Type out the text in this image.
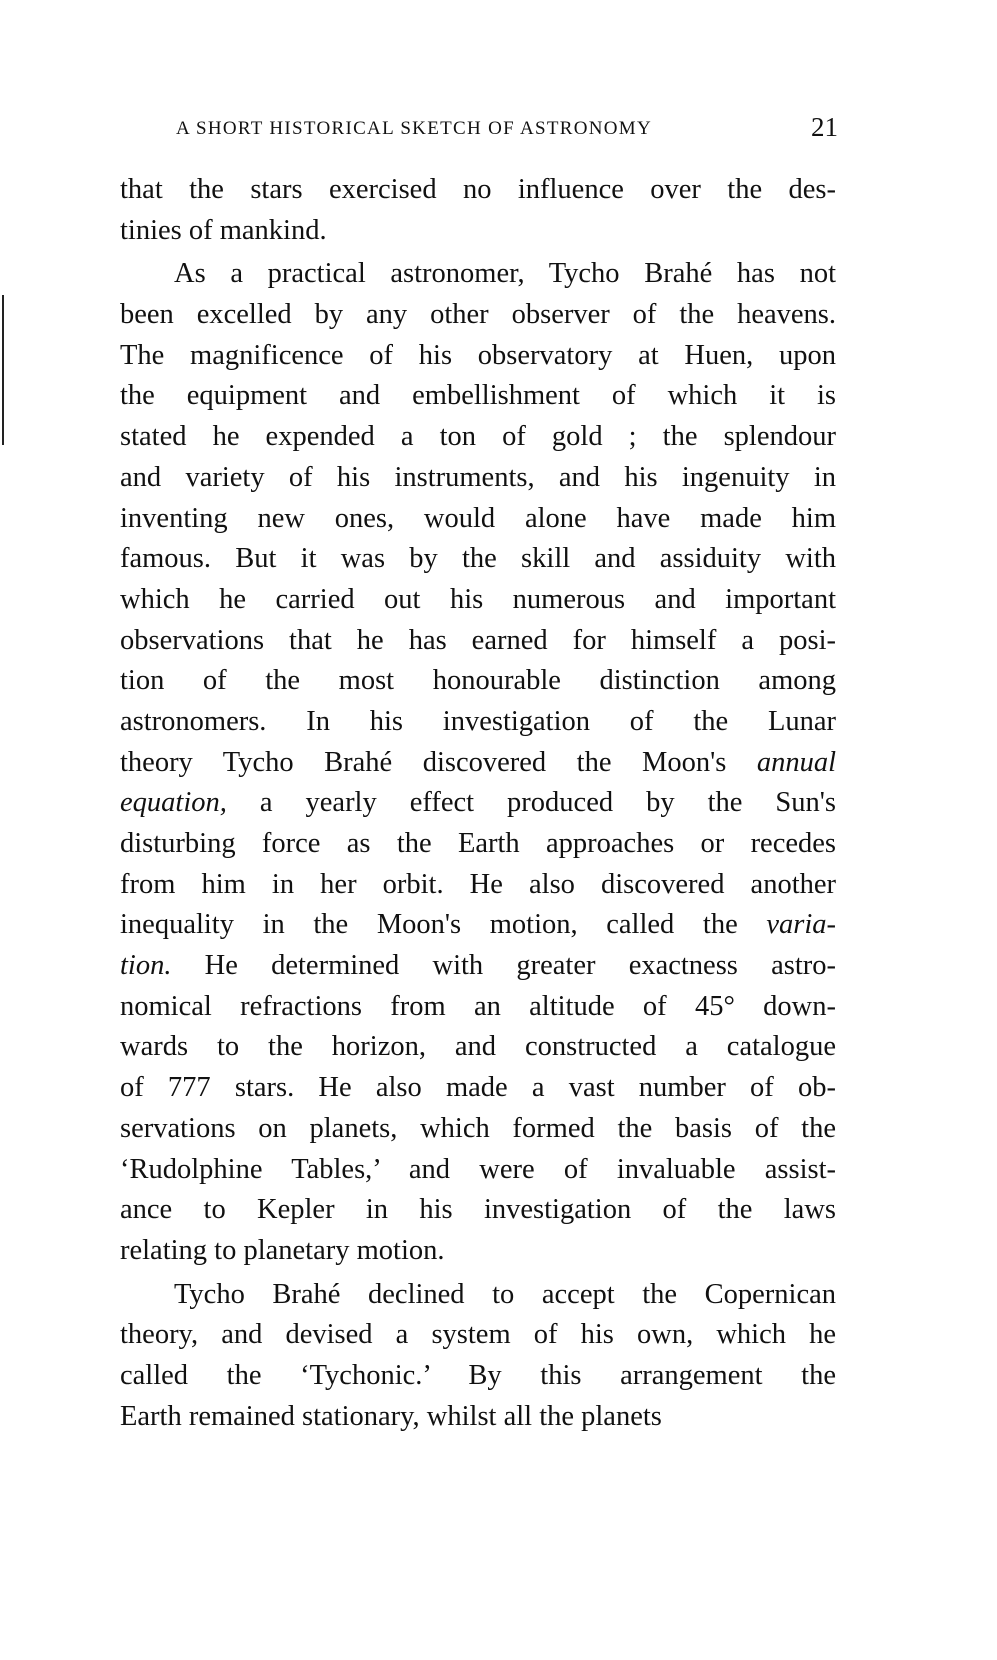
A SHORT HISTORICAL SKETCH OF ASTRONOMY	21
that the stars exercised no influence over the des-
tinies of mankind.
As a practical astronomer, Tycho Brahé has not
been excelled by any other observer of the heavens.
The magnificence of his observatory at Huen, upon
the equipment and embellishment of which it is
stated he expended a ton of gold ; the splendour
and variety of his instruments, and his ingenuity in
inventing new ones, would alone have made him
famous. But it was by the skill and assiduity with
which he carried out his numerous and important
observations that he has earned for himself a posi-
tion of the most honourable distinction among
astronomers. In his investigation of the Lunar
theory Tycho Brahé discovered the Moon's annual
equation, a yearly effect produced by the Sun's
disturbing force as the Earth approaches or recedes
from him in her orbit. He also discovered another
inequality in the Moon's motion, called the varia-
tion. He determined with greater exactness astro-
nomical refractions from an altitude of 45° down-
wards to the horizon, and constructed a catalogue
of 777 stars. He also made a vast number of ob-
servations on planets, which formed the basis of the
‘Rudolphine Tables,’ and were of invaluable assist-
ance to Kepler in his investigation of the laws
relating to planetary motion.
Tycho Brahé declined to accept the Copernican
theory, and devised a system of his own, which he
called the ‘Tychonic.’ By this arrangement the
Earth remained stationary, whilst all the planets
